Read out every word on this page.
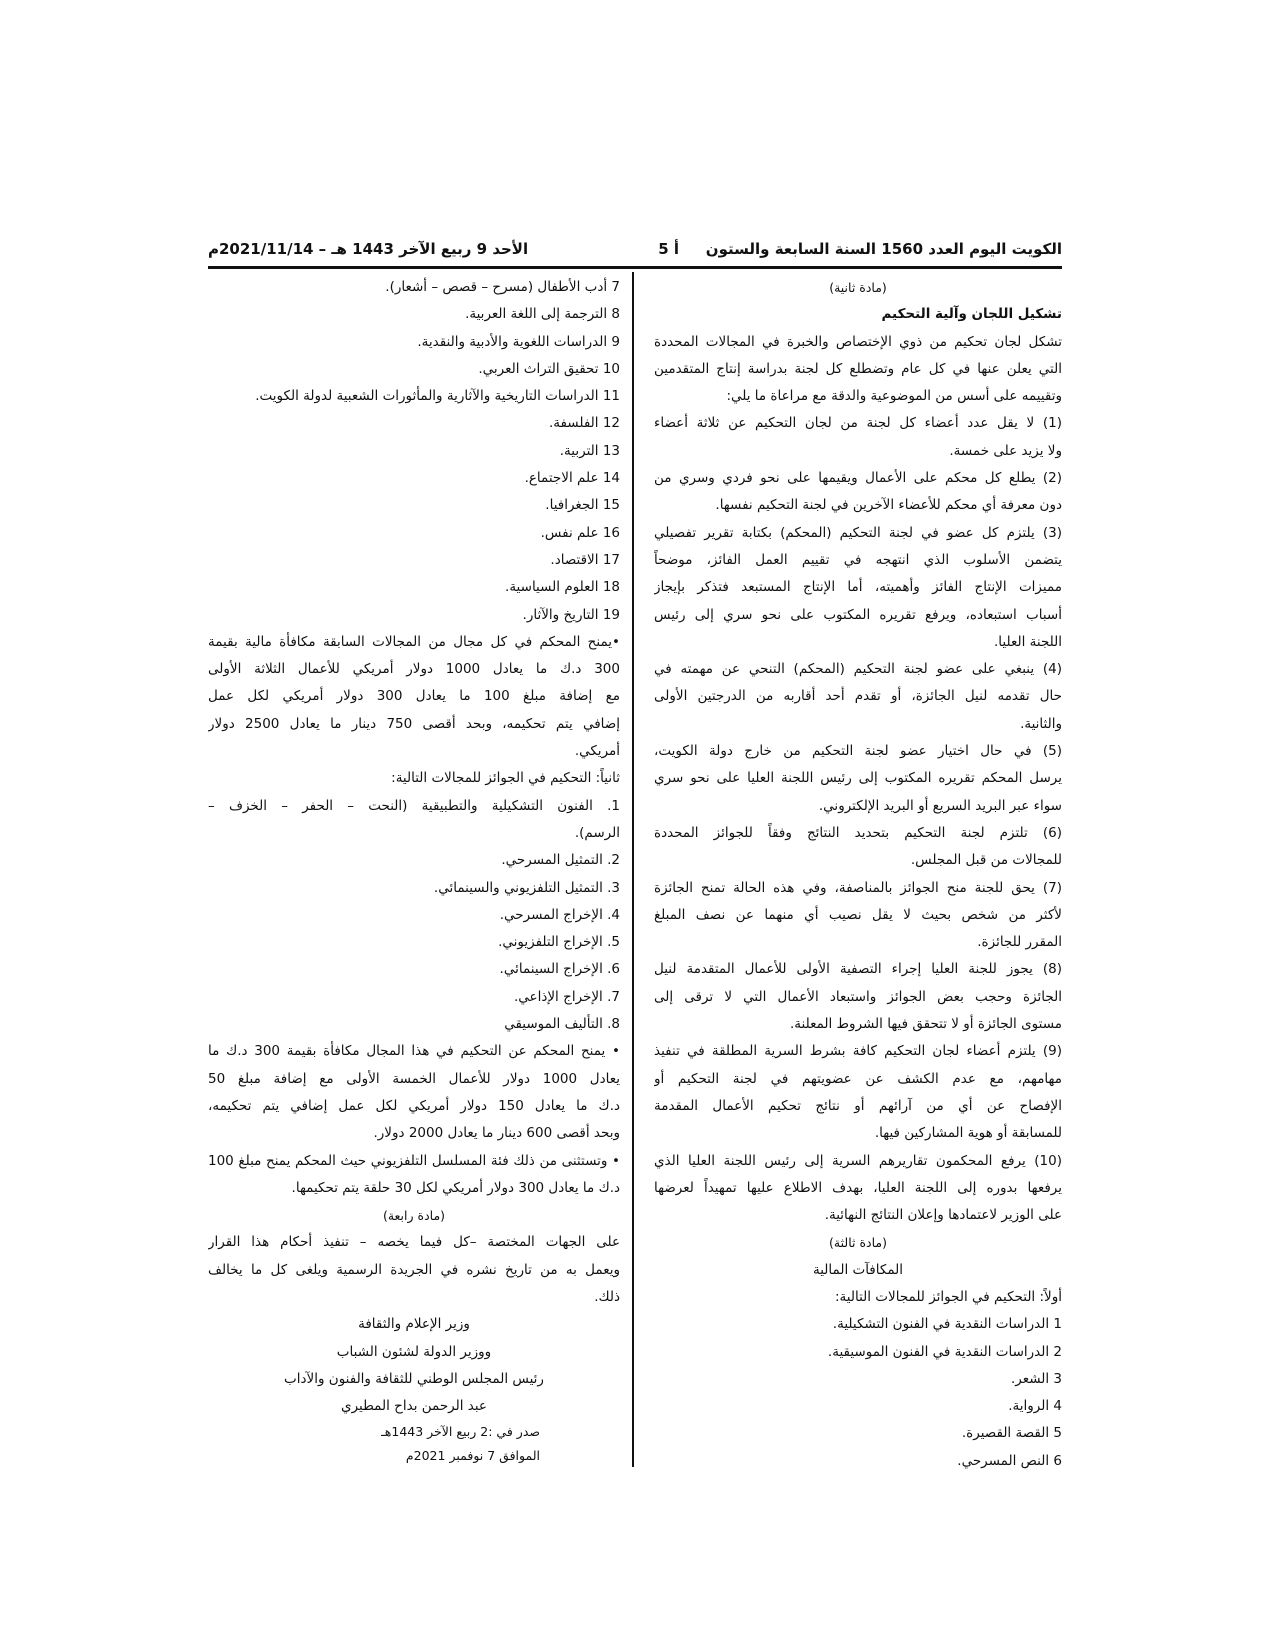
الكويت اليوم العدد 1560 السنة السابعة والستون
أ 5
الأحد 9 ربيع الآخر 1443 هـ – 2021/11/14م
(مادة ثانية)
تشكيل اللجان وآلية التحكيم
تشكل لجان تحكيم من ذوي الإختصاص والخبرة في المجالات المحددة
التي يعلن عنها في كل عام وتضطلع كل لجنة بدراسة إنتاج المتقدمين
وتقييمه على أسس من الموضوعية والدقة مع مراعاة ما يلي:
(1) لا يقل عدد أعضاء كل لجنة من لجان التحكيم عن ثلاثة أعضاء
ولا يزيد على خمسة.
(2) يطلع كل محكم على الأعمال ويقيمها على نحو فردي وسري من
دون معرفة أي محكم للأعضاء الآخرين في لجنة التحكيم نفسها.
(3) يلتزم كل عضو في لجنة التحكيم (المحكم) بكتابة تقرير تفصيلي
يتضمن الأسلوب الذي انتهجه في تقييم العمل الفائز، موضحاً
مميزات الإنتاج الفائز وأهميته، أما الإنتاج المستبعد فتذكر بإيجاز
أسباب استبعاده، ويرفع تقريره المكتوب على نحو سري إلى رئيس
اللجنة العليا.
(4) ينبغي على عضو لجنة التحكيم (المحكم) التنحي عن مهمته في
حال تقدمه لنيل الجائزة، أو تقدم أحد أقاربه من الدرجتين الأولى
والثانية.
(5) في حال اختيار عضو لجنة التحكيم من خارج دولة الكويت،
يرسل المحكم تقريره المكتوب إلى رئيس اللجنة العليا على نحو سري
سواء عبر البريد السريع أو البريد الإلكتروني.
(6) تلتزم لجنة التحكيم بتحديد النتائج وفقاً للجوائز المحددة
للمجالات من قبل المجلس.
(7) يحق للجنة منح الجوائز بالمناصفة، وفي هذه الحالة تمنح الجائزة
لأكثر من شخص بحيث لا يقل نصيب أي منهما عن نصف المبلغ
المقرر للجائزة.
(8) يجوز للجنة العليا إجراء التصفية الأولى للأعمال المتقدمة لنيل
الجائزة وحجب بعض الجوائز واستبعاد الأعمال التي لا ترقى إلى
مستوى الجائزة أو لا تتحقق فيها الشروط المعلنة.
(9) يلتزم أعضاء لجان التحكيم كافة بشرط السرية المطلقة في تنفيذ
مهامهم، مع عدم الكشف عن عضويتهم في لجنة التحكيم أو
الإفصاح عن أي من آرائهم أو نتائج تحكيم الأعمال المقدمة
للمسابقة أو هوية المشاركين فيها.
(10) يرفع المحكمون تقاريرهم السرية إلى رئيس اللجنة العليا الذي
يرفعها بدوره إلى اللجنة العليا، بهدف الاطلاع عليها تمهيداً لعرضها
على الوزير لاعتمادها وإعلان النتائج النهائية.
(مادة ثالثة)
المكافآت المالية
أولاً: التحكيم في الجوائز للمجالات التالية:
1 الدراسات النقدية في الفنون التشكيلية.
2 الدراسات النقدية في الفنون الموسيقية.
3 الشعر.
4 الرواية.
5 القصة القصيرة.
6 النص المسرحي.
7 أدب الأطفال (مسرح – قصص – أشعار).
8 الترجمة إلى اللغة العربية.
9 الدراسات اللغوية والأدبية والنقدية.
10 تحقيق التراث العربي.
11 الدراسات التاريخية والآثارية والمأثورات الشعبية لدولة الكويت.
12 الفلسفة.
13 التربية.
14 علم الاجتماع.
15 الجغرافيا.
16 علم نفس.
17 الاقتصاد.
18 العلوم السياسية.
19 التاريخ والآثار.
•يمنح المحكم في كل مجال من المجالات السابقة مكافأة مالية بقيمة
300 د.ك ما يعادل 1000 دولار أمريكي للأعمال الثلاثة الأولى
مع إضافة مبلغ 100 ما يعادل 300 دولار أمريكي لكل عمل
إضافي يتم تحكيمه، وبحد أقصى 750 دينار ما يعادل 2500 دولار
أمريكي.
ثانياً: التحكيم في الجوائز للمجالات التالية:
1. الفنون التشكيلية والتطبيقية (النحت – الحفر – الخزف –
الرسم).
2. التمثيل المسرحي.
3. التمثيل التلفزيوني والسينمائي.
4. الإخراج المسرحي.
5. الإخراج التلفزيوني.
6. الإخراج السينمائي.
7. الإخراج الإذاعي.
8. التأليف الموسيقي
• يمنح المحكم عن التحكيم في هذا المجال مكافأة بقيمة 300 د.ك ما
يعادل 1000 دولار للأعمال الخمسة الأولى مع إضافة مبلغ 50
د.ك ما يعادل 150 دولار أمريكي لكل عمل إضافي يتم تحكيمه،
وبحد أقصى 600 دينار ما يعادل 2000 دولار.
• وتستثنى من ذلك فئة المسلسل التلفزيوني حيث المحكم يمنح مبلغ 100
د.ك ما يعادل 300 دولار أمريكي لكل 30 حلقة يتم تحكيمها.
(مادة رابعة)
على الجهات المختصة –كل فيما يخصه – تنفيذ أحكام هذا القرار
ويعمل به من تاريخ نشره في الجريدة الرسمية ويلغى كل ما يخالف
ذلك.
وزير الإعلام والثقافة
ووزير الدولة لشئون الشباب
رئيس المجلس الوطني للثقافة والفنون والآداب
عبد الرحمن بداح المطيري
صدر في :2 ربيع الآخر 1443هـ
الموافق 7 نوفمبر 2021م
